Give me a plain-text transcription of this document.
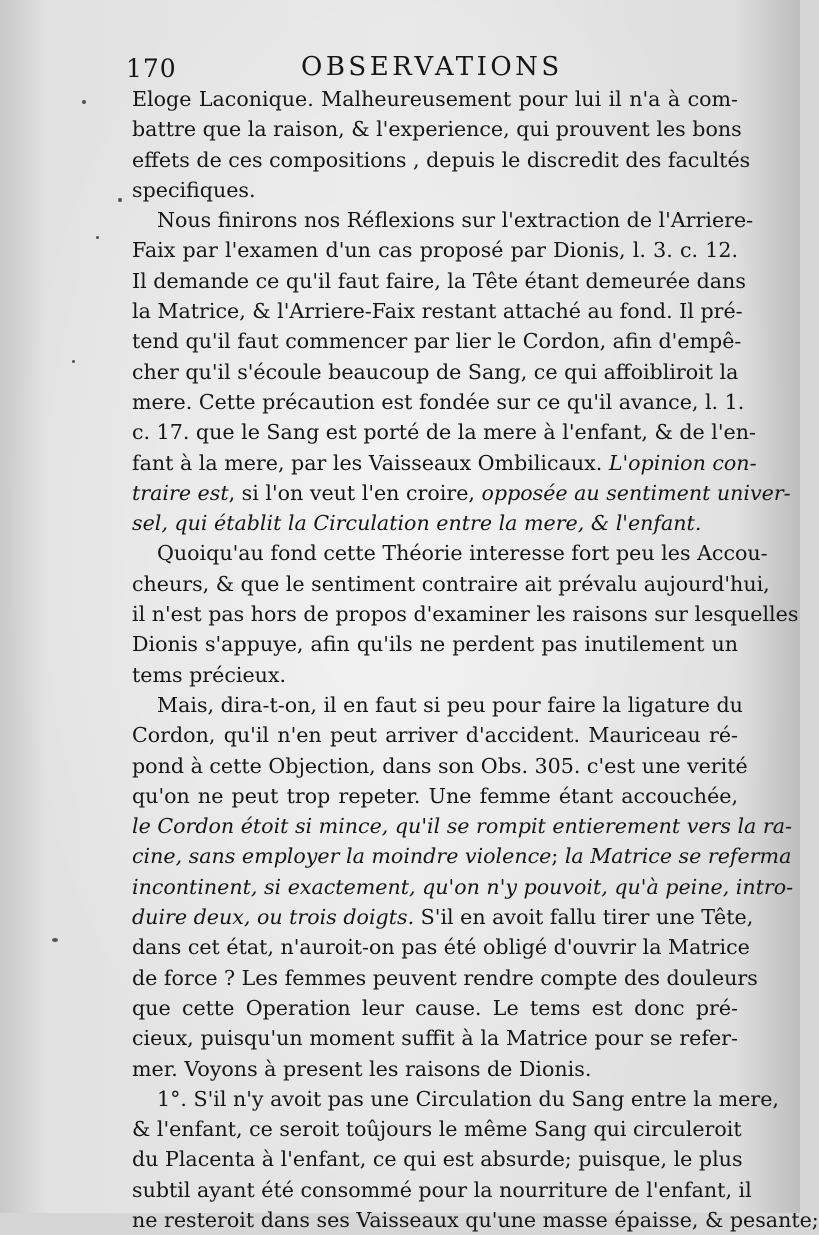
170	OBSERVATIONS
Eloge Laconique. Malheureusement pour lui il n'a à com-
battre que la raison, & l'experience, qui prouvent les bons
effets de ces compositions , depuis le discredit des facultés
specifiques.
Nous finirons nos Réflexions sur l'extraction de l'Arriere-
Faix par l'examen d'un cas proposé par Dionis, l. 3. c. 12.
Il demande ce qu'il faut faire, la Tête étant demeurée dans
la Matrice, & l'Arriere-Faix restant attaché au fond. Il pré-
tend qu'il faut commencer par lier le Cordon, afin d'empê-
cher qu'il s'écoule beaucoup de Sang, ce qui affoibliroit la
mere. Cette précaution est fondée sur ce qu'il avance, l. 1.
c. 17. que le Sang est porté de la mere à l'enfant, & de l'en-
fant à la mere, par les Vaisseaux Ombilicaux. L'opinion con-
traire est, si l'on veut l'en croire, opposée au sentiment univer-
sel, qui établit la Circulation entre la mere, & l'enfant.
Quoiqu'au fond cette Théorie interesse fort peu les Accou-
cheurs, & que le sentiment contraire ait prévalu aujourd'hui,
il n'est pas hors de propos d'examiner les raisons sur lesquelles
Dionis s'appuye, afin qu'ils ne perdent pas inutilement un
tems précieux.
Mais, dira-t-on, il en faut si peu pour faire la ligature du
Cordon, qu'il n'en peut arriver d'accident. Mauriceau ré-
pond à cette Objection, dans son Obs. 305. c'est une verité
qu'on ne peut trop repeter. Une femme étant accouchée,
le Cordon étoit si mince, qu'il se rompit entierement vers la ra-
cine, sans employer la moindre violence; la Matrice se referma
incontinent, si exactement, qu'on n'y pouvoit, qu'à peine, intro-
duire deux, ou trois doigts. S'il en avoit fallu tirer une Tête,
dans cet état, n'auroit-on pas été obligé d'ouvrir la Matrice
de force ? Les femmes peuvent rendre compte des douleurs
que cette Operation leur cause. Le tems est donc pré-
cieux, puisqu'un moment suffit à la Matrice pour se refer-
mer. Voyons à present les raisons de Dionis.
1°. S'il n'y avoit pas une Circulation du Sang entre la mere,
& l'enfant, ce seroit toûjours le même Sang qui circuleroit
du Placenta à l'enfant, ce qui est absurde; puisque, le plus
subtil ayant été consommé pour la nourriture de l'enfant, il
ne resteroit dans ses Vaisseaux qu'une masse épaisse, & pesante;
